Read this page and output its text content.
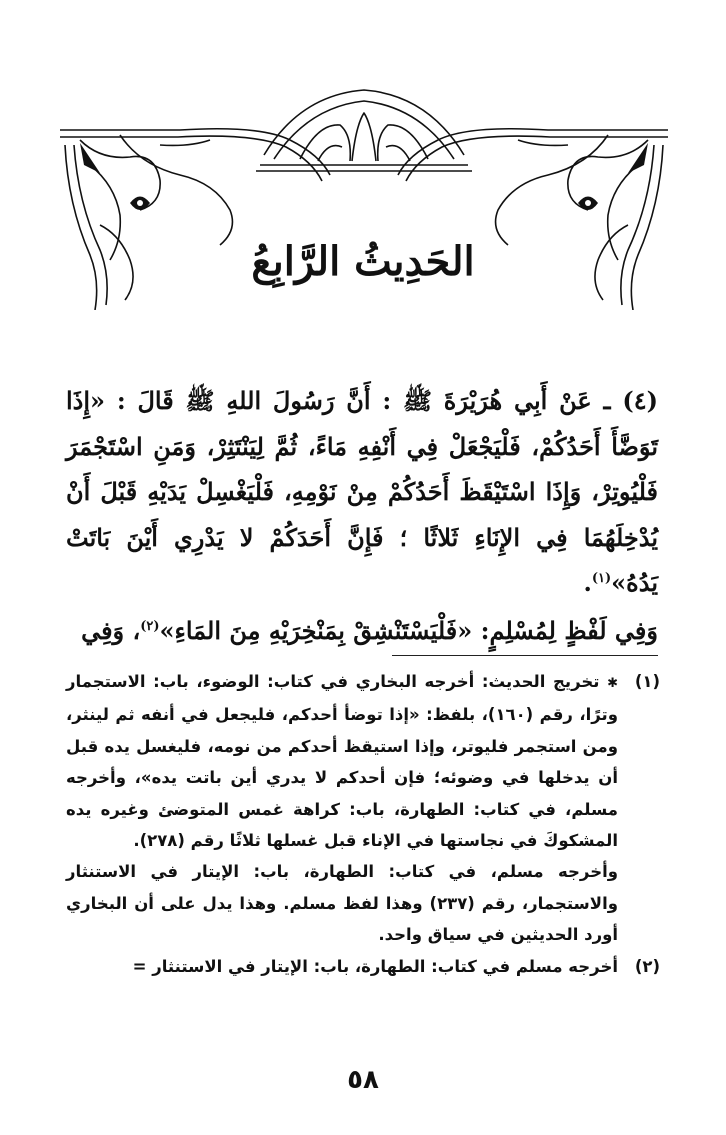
الحَدِيثُ الرَّابِعُ

(٤) ـ عَنْ أَبِي هُرَيْرَةَ ﷺ : أَنَّ رَسُولَ اللهِ ﷺ قَالَ : «إِذَا تَوَضَّأَ أَحَدُكُمْ، فَلْيَجْعَلْ فِي أَنْفِهِ مَاءً، ثُمَّ لِيَنْتَثِرْ، وَمَنِ اسْتَجْمَرَ فَلْيُوتِرْ، وَإِذَا اسْتَيْقَظَ أَحَدُكُمْ مِنْ نَوْمِهِ، فَلْيَغْسِلْ يَدَيْهِ قَبْلَ أَنْ يُدْخِلَهُمَا فِي الإِنَاءِ ثَلاثًا ؛ فَإِنَّ أَحَدَكُمْ لا يَدْرِي أَيْنَ بَاتَتْ يَدُهُ»$^{(١)}$.

وَفِي لَفْظٍ لِمُسْلِمٍ: «فَلْيَسْتَنْشِقْ بِمَنْخِرَيْهِ مِنَ المَاءِ»$^{(٢)}$، وَفِي

(١)

✱ تخريج الحديث: أخرجه البخاري في كتاب: الوضوء، باب: الاستجمار وترًا، رقم (١٦٠)، بلفظ: «إذا توضأ أحدكم، فليجعل في أنفه ثم لينثر، ومن استجمر فليوتر، وإذا استيقظ أحدكم من نومه، فليغسل يده قبل أن يدخلها في وضوئه؛ فإن أحدكم لا يدري أين باتت يده»، وأخرجه مسلم، في كتاب: الطهارة، باب: كراهة غمس المتوضئ وغيره يده المشكوكَ في نجاستها في الإناء قبل غسلها ثلاثًا رقم (٢٧٨).

وأخرجه مسلم، في كتاب: الطهارة، باب: الإيتار في الاستنثار والاستجمار، رقم (٢٣٧) وهذا لفظ مسلم. وهذا يدل على أن البخاري أورد الحديثين في سياق واحد.

(٢)

أخرجه مسلم في كتاب: الطهارة، باب: الإيتار في الاستنثار =

٥٨
